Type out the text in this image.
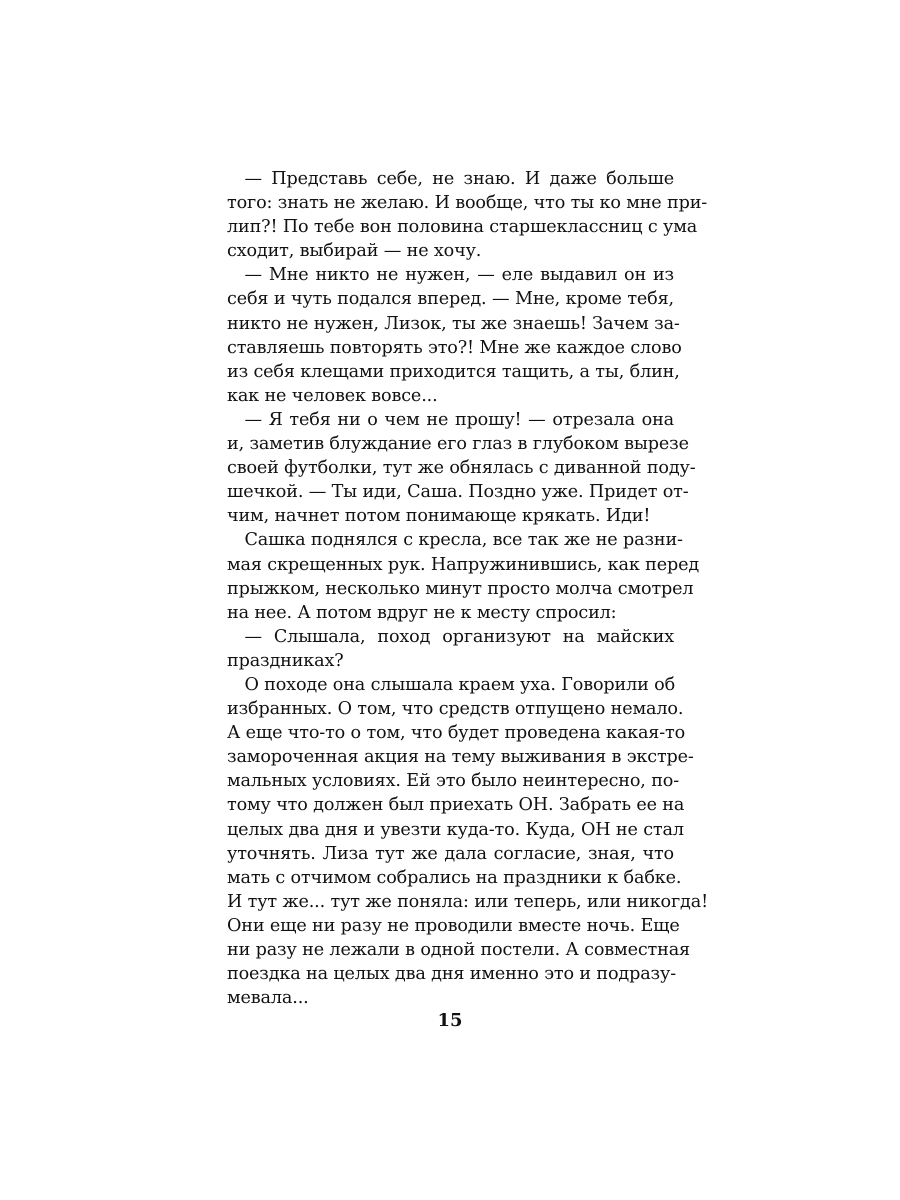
 — Представь себе, не знаю. И даже больше
того: знать не желаю. И вообще, что ты ко мне при-
лип?! По тебе вон половина старшеклассниц с ума
сходит, выбирай — не хочу.
 — Мне никто не нужен, — еле выдавил он из
себя и чуть подался вперед. — Мне, кроме тебя,
никто не нужен, Лизок, ты же знаешь! Зачем за-
ставляешь повторять это?! Мне же каждое слово
из себя клещами приходится тащить, а ты, блин,
как не человек вовсе...
 — Я тебя ни о чем не прошу! — отрезала она
и, заметив блуждание его глаз в глубоком вырезе
своей футболки, тут же обнялась с диванной поду-
шечкой. — Ты иди, Саша. Поздно уже. Придет от-
чим, начнет потом понимающе крякать. Иди!
 Сашка поднялся с кресла, все так же не разни-
мая скрещенных рук. Напружинившись, как перед
прыжком, несколько минут просто молча смотрел
на нее. А потом вдруг не к месту спросил:
 — Слышала, поход организуют на майских
праздниках?
 О походе она слышала краем уха. Говорили об
избранных. О том, что средств отпущено немало.
А еще что-то о том, что будет проведена какая-то
замороченная акция на тему выживания в экстре-
мальных условиях. Ей это было неинтересно, по-
тому что должен был приехать ОН. Забрать ее на
целых два дня и увезти куда-то. Куда, ОН не стал
уточнять. Лиза тут же дала согласие, зная, что
мать с отчимом собрались на праздники к бабке.
И тут же... тут же поняла: или теперь, или никогда!
Они еще ни разу не проводили вместе ночь. Еще
ни разу не лежали в одной постели. А совместная
поездка на целых два дня именно это и подразу-
мевала...
15
